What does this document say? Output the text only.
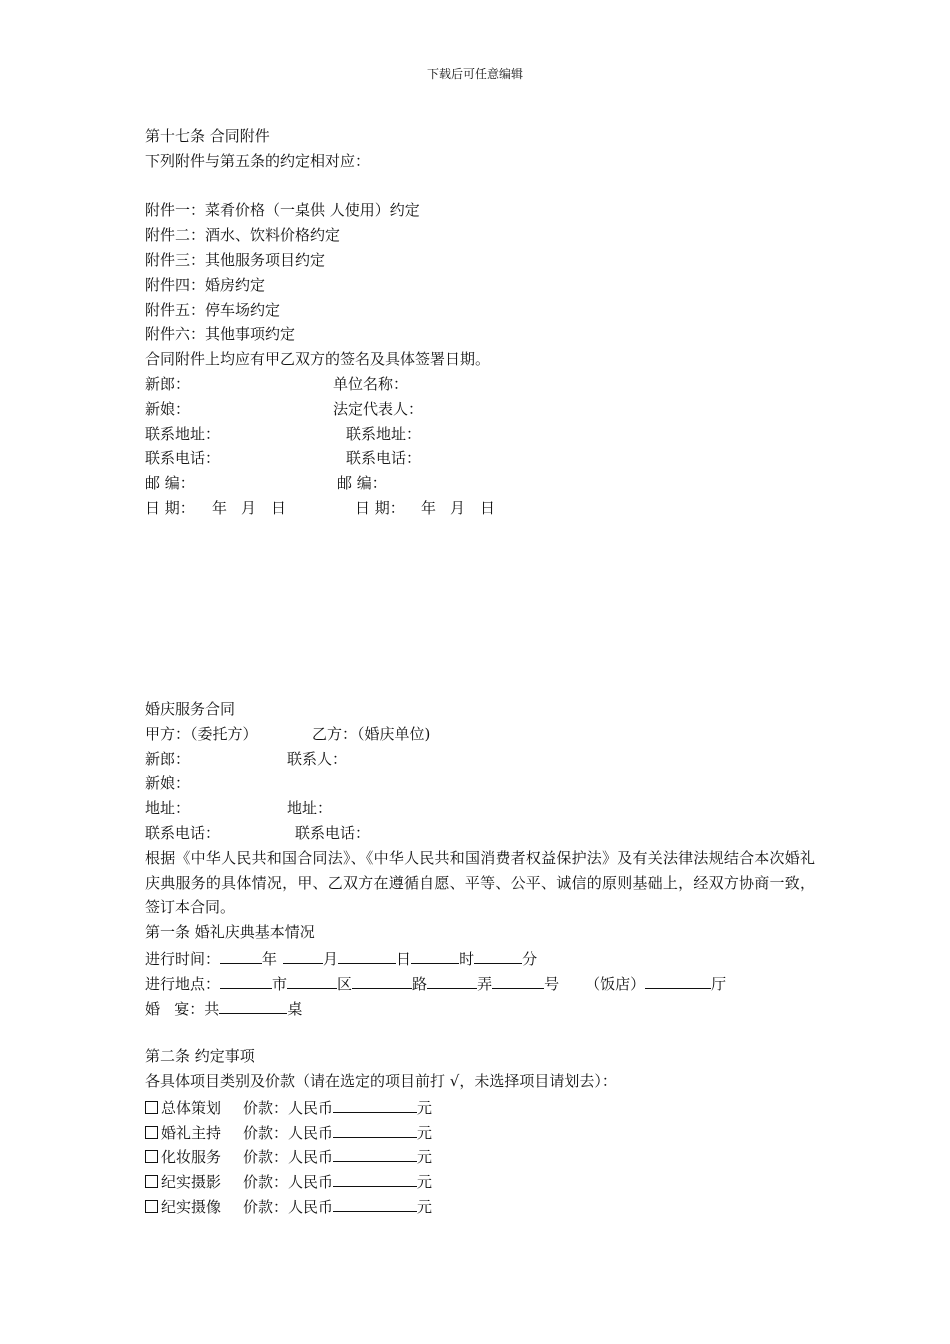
下载后可任意编辑
第十七条 合同附件
下列附件与第五条的约定相对应：
附件一：菜肴价格（一桌供 人使用）约定
附件二：酒水、饮料价格约定
附件三：其他服务项目约定
附件四：婚房约定
附件五：停车场约定
附件六：其他事项约定
合同附件上均应有甲乙双方的签名及具体签署日期。
新郎：	单位名称：
新娘：	法定代表人：
联系地址：	联系地址：
联系电话：	联系电话：
邮 编：	邮 编：
日 期： 年 月 日	日 期： 年 月 日
婚庆服务合同
甲方：（委托方）	乙方：（婚庆单位)
新郎：	联系人：
新娘：
地址：	地址：
联系电话：	联系电话：
根据《中华人民共和国合同法》、《中华人民共和国消费者权益保护法》及有关法律法规结合本次婚礼庆典服务的具体情况，甲、乙双方在遵循自愿、平等、公平、诚信的原则基础上，经双方协商一致，签订本合同。
第一条 婚礼庆典基本情况
进行时间：	年	月	日	时	分
进行地点：	市	区	路	弄	号 （饭店）	厅
婚   宴：共	桌
第二条 约定事项
各具体项目类别及价款（请在选定的项目前打 √，未选择项目请划去）：
总体策划 价款：人民币	元
婚礼主持 价款：人民币	元
化妆服务 价款：人民币	元
纪实摄影 价款：人民币	元
纪实摄像 价款：人民币	元
